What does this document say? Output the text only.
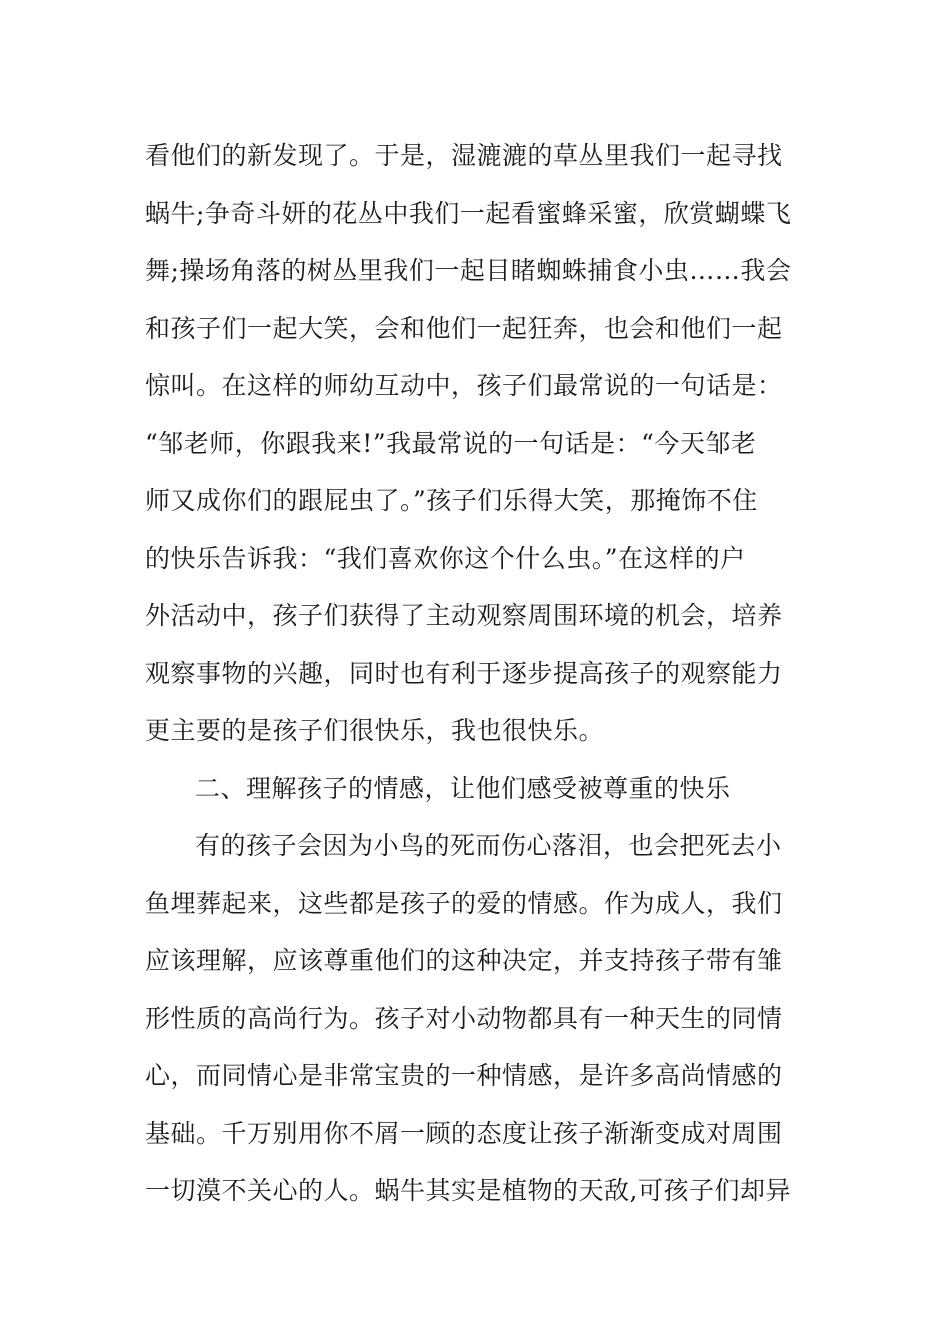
看他们的新发现了。于是，湿漉漉的草丛里我们一起寻找
蜗牛;争奇斗妍的花丛中我们一起看蜜蜂采蜜，欣赏蝴蝶飞
舞;操场角落的树丛里我们一起目睹蜘蛛捕食小虫……我会
和孩子们一起大笑，会和他们一起狂奔，也会和他们一起
惊叫。在这样的师幼互动中，孩子们最常说的一句话是：
“邹老师，你跟我来!”我最常说的一句话是：“今天邹老
师又成你们的跟屁虫了。”孩子们乐得大笑，那掩饰不住
的快乐告诉我：“我们喜欢你这个什么虫。”在这样的户
外活动中，孩子们获得了主动观察周围环境的机会，培养
观察事物的兴趣，同时也有利于逐步提高孩子的观察能力
更主要的是孩子们很快乐，我也很快乐。
二、理解孩子的情感，让他们感受被尊重的快乐
有的孩子会因为小鸟的死而伤心落泪，也会把死去小
鱼埋葬起来，这些都是孩子的爱的情感。作为成人，我们
应该理解，应该尊重他们的这种决定，并支持孩子带有雏
形性质的高尚行为。孩子对小动物都具有一种天生的同情
心，而同情心是非常宝贵的一种情感，是许多高尚情感的
基础。千万别用你不屑一顾的态度让孩子渐渐变成对周围
一切漠不关心的人。蜗牛其实是植物的天敌,可孩子们却异
